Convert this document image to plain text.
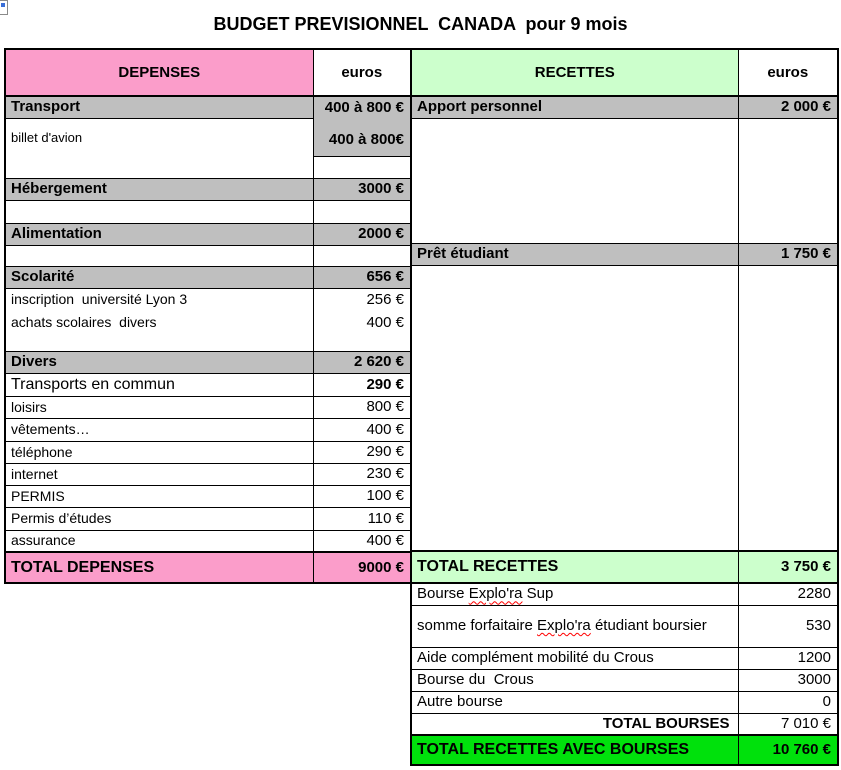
BUDGET PREVISIONNEL  CANADA  pour 9 mois
DEPENSES	euros
Transport	400 à 800 €
billet d'avion	400 à 800€

Hébergement	3000 €

Alimentation	2000 €

Scolarité	656 €
inscription  université Lyon 3	256 €
achats scolaires  divers	400 €

Divers	2 620 €
Transports en commun	290 €
loisirs	800 €
vêtements…	400 €
téléphone	290 €
internet	230 €
PERMIS	100 €
Permis d’études	110 €
assurance	400 €
TOTAL DEPENSES	9000 €
RECETTES	euros
Apport personnel	2 000 €

Prêt étudiant	1 750 €

TOTAL RECETTES	3 750 €
Bourse Explo'ra Sup	2280
somme forfaitaire Explo'ra étudiant boursier	530
Aide complément mobilité du Crous	1200
Bourse du  Crous	3000
Autre bourse	0
TOTAL BOURSES	7 010 €
TOTAL RECETTES AVEC BOURSES	10 760 €
